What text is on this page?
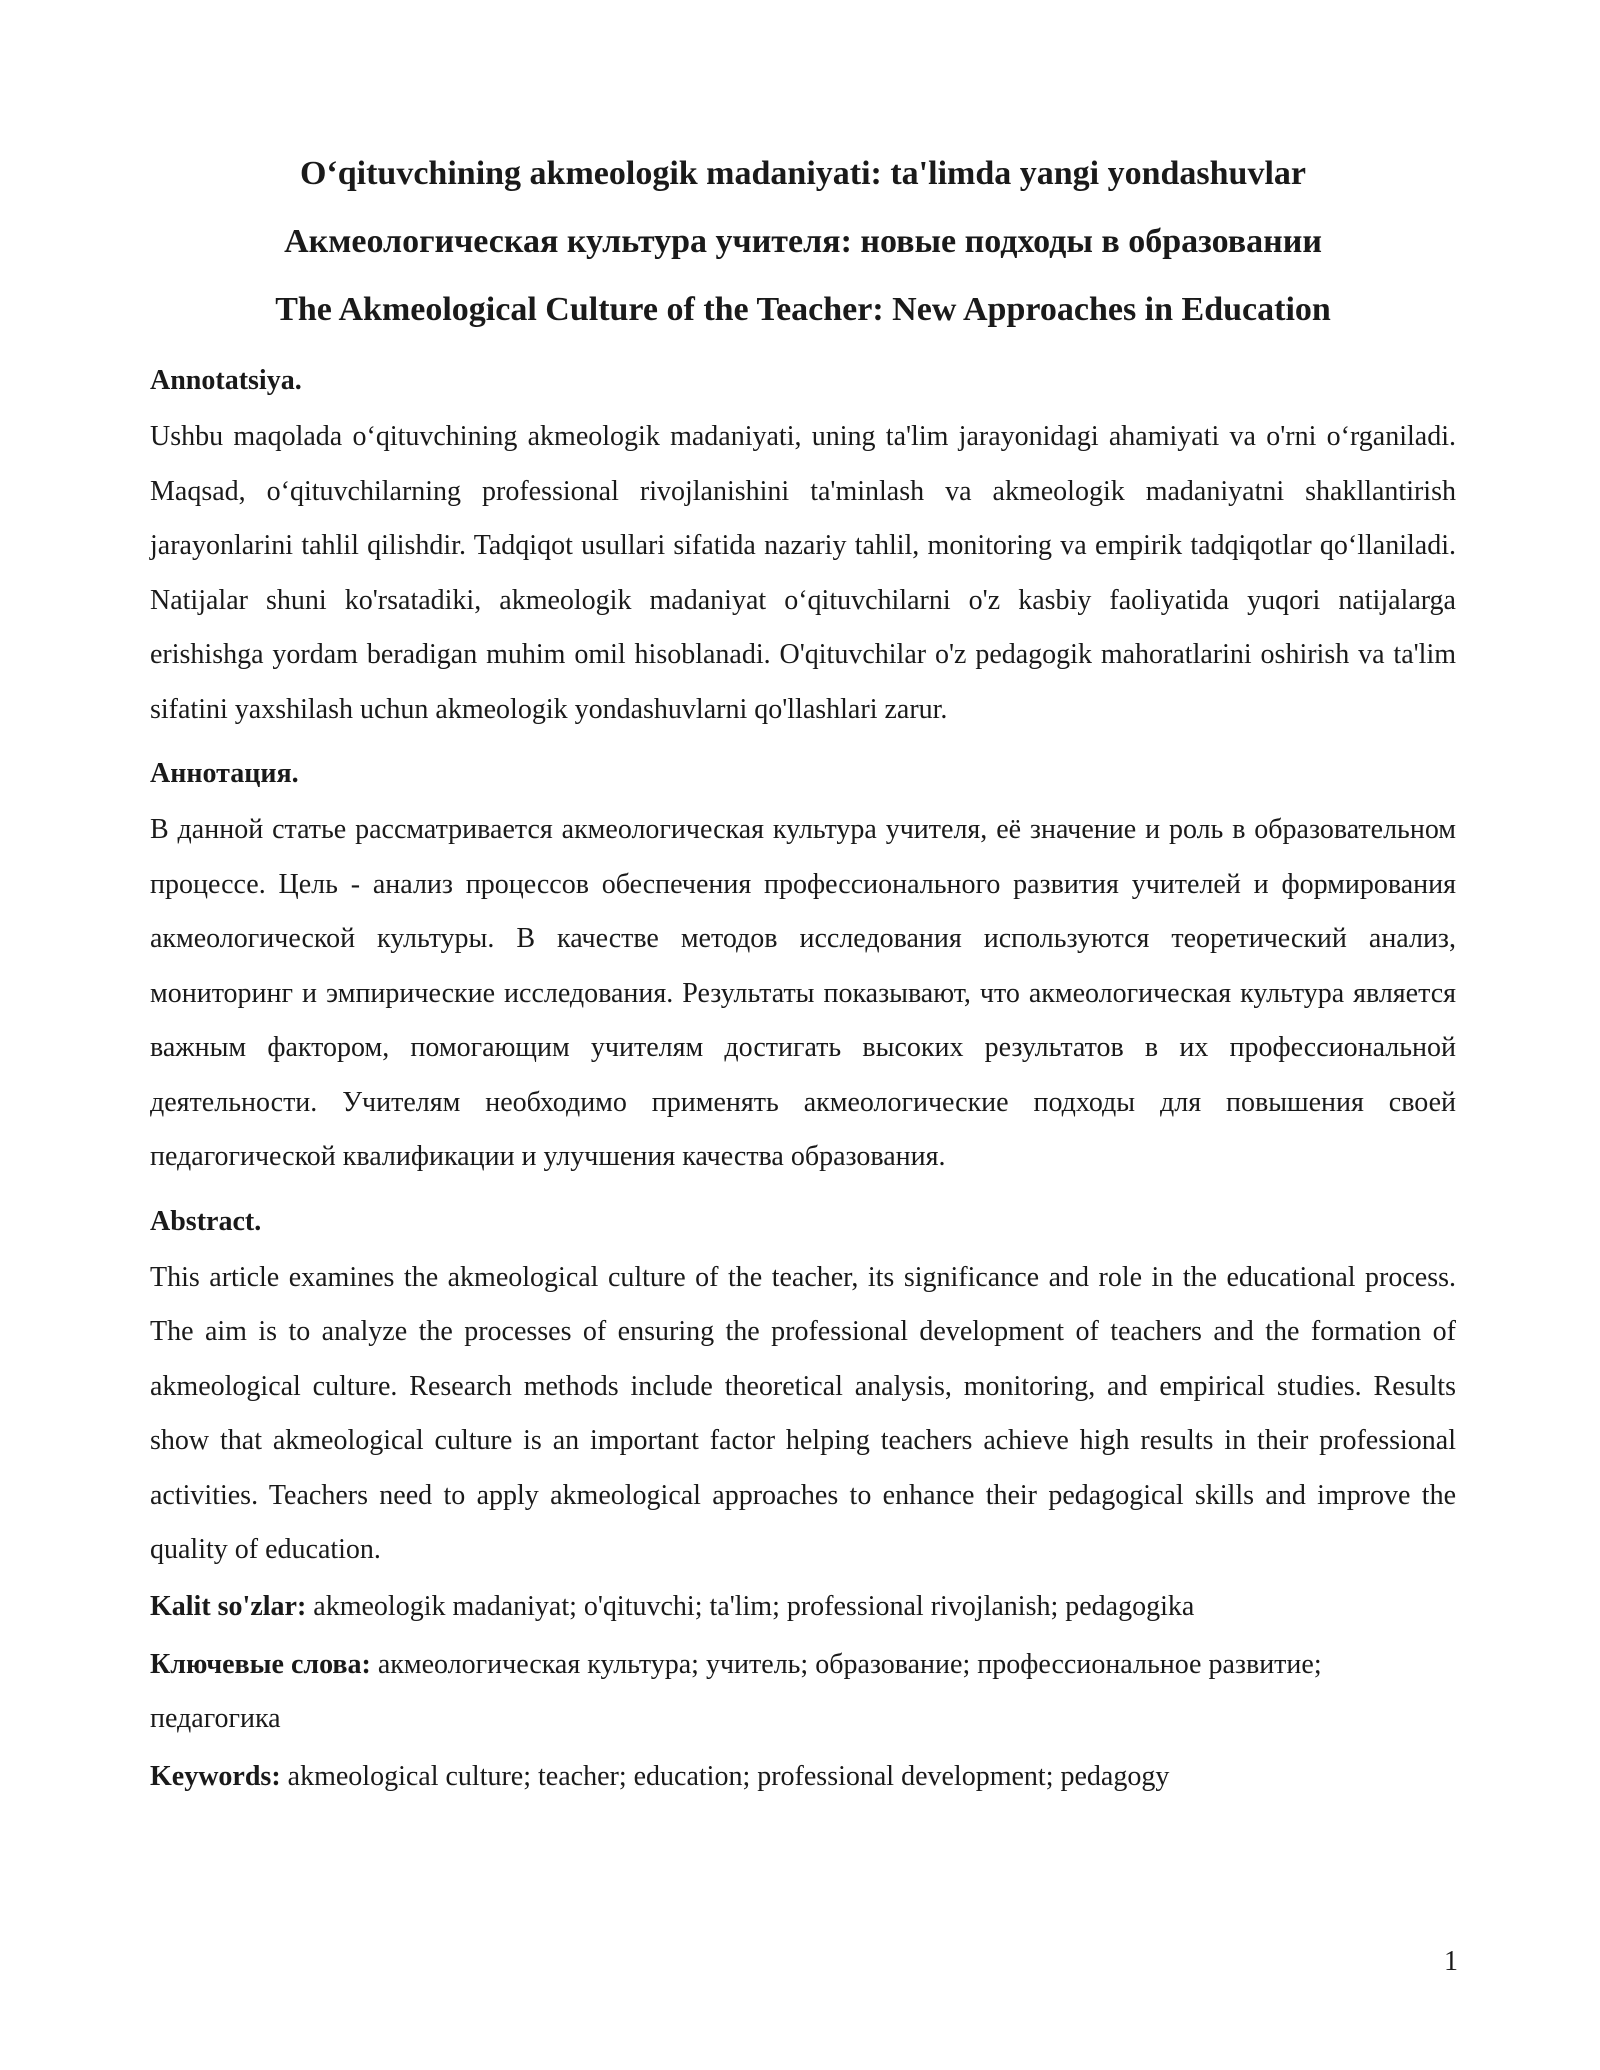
Oʻqituvchining akmeologik madaniyati: ta'limda yangi yondashuvlar
Акмеологическая культура учителя: новые подходы в образовании
The Akmeological Culture of the Teacher: New Approaches in Education
Annotatsiya.

Ushbu maqolada oʻqituvchining akmeologik madaniyati, uning ta'lim jarayonidagi ahamiyati va o'rni oʻrganiladi. Maqsad, oʻqituvchilarning professional rivojlanishini ta'minlash va akmeologik madaniyatni shakllantirish jarayonlarini tahlil qilishdir. Tadqiqot usullari sifatida nazariy tahlil, monitoring va empirik tadqiqotlar qoʻllaniladi. Natijalar shuni ko'rsatadiki, akmeologik madaniyat oʻqituvchilarni o'z kasbiy faoliyatida yuqori natijalarga erishishga yordam beradigan muhim omil hisoblanadi. O'qituvchilar o'z pedagogik mahoratlarini oshirish va ta'lim sifatini yaxshilash uchun akmeologik yondashuvlarni qo'llashlari zarur.

Аннотация.

В данной статье рассматривается акмеологическая культура учителя, её значение и роль в образовательном процессе. Цель - анализ процессов обеспечения профессионального развития учителей и формирования акмеологической культуры. В качестве методов исследования используются теоретический анализ, мониторинг и эмпирические исследования. Результаты показывают, что акмеологическая культура является важным фактором, помогающим учителям достигать высоких результатов в их профессиональной деятельности. Учителям необходимо применять акмеологические подходы для повышения своей педагогической квалификации и улучшения качества образования.

Abstract.

This article examines the akmeological culture of the teacher, its significance and role in the educational process. The aim is to analyze the processes of ensuring the professional development of teachers and the formation of akmeological culture. Research methods include theoretical analysis, monitoring, and empirical studies. Results show that akmeological culture is an important factor helping teachers achieve high results in their professional activities. Teachers need to apply akmeological approaches to enhance their pedagogical skills and improve the quality of education.

Kalit so'zlar: akmeologik madaniyat; o'qituvchi; ta'lim; professional rivojlanish; pedagogika

Ключевые слова: акмеологическая культура; учитель; образование; профессиональное развитие; педагогика

Keywords: akmeological culture; teacher; education; professional development; pedagogy

1
